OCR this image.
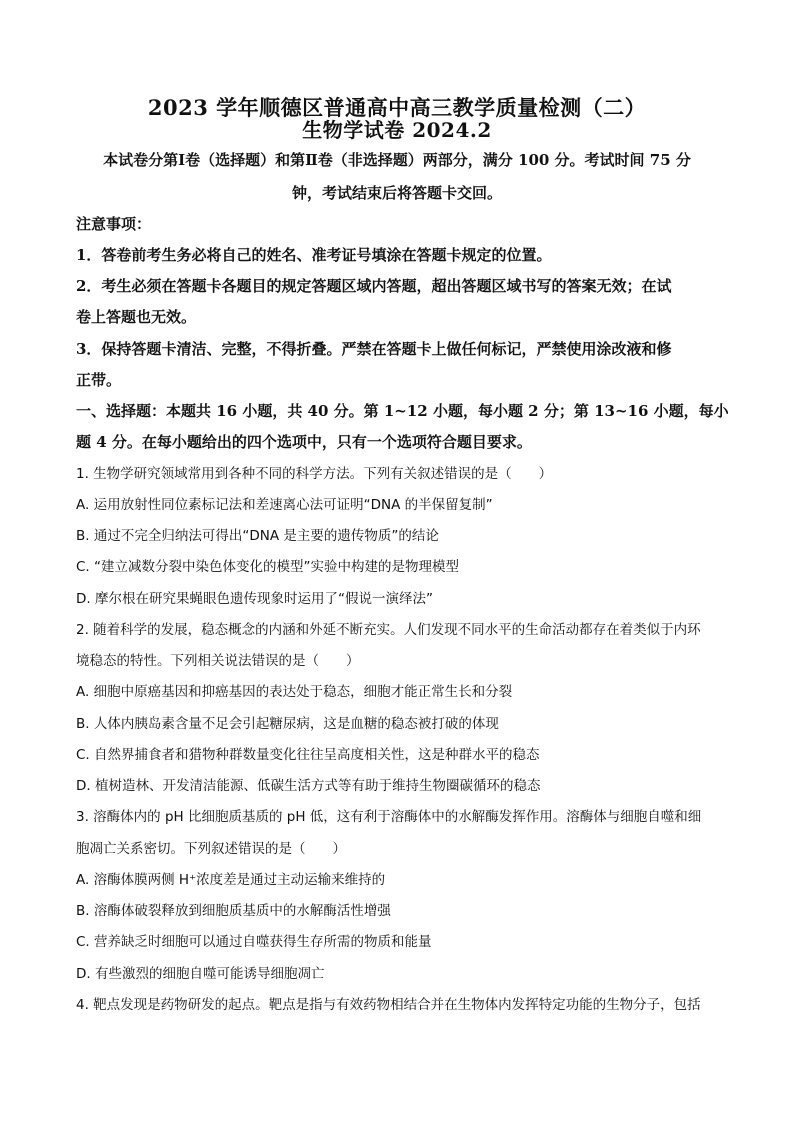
2023 学年顺德区普通高中高三教学质量检测（二）
生物学试卷 2024.2
本试卷分第Ⅰ卷（选择题）和第Ⅱ卷（非选择题）两部分，满分 100 分。考试时间 75 分
钟，考试结束后将答题卡交回。
注意事项：
1．答卷前考生务必将自己的姓名、准考证号填涂在答题卡规定的位置。
2．考生必须在答题卡各题目的规定答题区域内答题，超出答题区域书写的答案无效；在试
卷上答题也无效。
3．保持答题卡清洁、完整，不得折叠。严禁在答题卡上做任何标记，严禁使用涂改液和修
正带。
一、选择题：本题共 16 小题，共 40 分。第 1~12 小题，每小题 2 分；第 13~16 小题，每小
题 4 分。在每小题给出的四个选项中，只有一个选项符合题目要求。
1. 生物学研究领域常用到各种不同的科学方法。下列有关叙述错误的是（　　）
A. 运用放射性同位素标记法和差速离心法可证明“DNA 的半保留复制”
B. 通过不完全归纳法可得出“DNA 是主要的遗传物质”的结论
C. “建立减数分裂中染色体变化的模型”实验中构建的是物理模型
D. 摩尔根在研究果蝇眼色遗传现象时运用了“假说一演绎法”
2. 随着科学的发展，稳态概念的内涵和外延不断充实。人们发现不同水平的生命活动都存在着类似于内环
境稳态的特性。下列相关说法错误的是（　　）
A. 细胞中原癌基因和抑癌基因的表达处于稳态，细胞才能正常生长和分裂
B. 人体内胰岛素含量不足会引起糖尿病，这是血糖的稳态被打破的体现
C. 自然界捕食者和猎物种群数量变化往往呈高度相关性，这是种群水平的稳态
D. 植树造林、开发清洁能源、低碳生活方式等有助于维持生物圈碳循环的稳态
3. 溶酶体内的 pH 比细胞质基质的 pH 低，这有利于溶酶体中的水解酶发挥作用。溶酶体与细胞自噬和细
胞凋亡关系密切。下列叙述错误的是（　　）
A. 溶酶体膜两侧 H⁺浓度差是通过主动运输来维持的
B. 溶酶体破裂释放到细胞质基质中的水解酶活性增强
C. 营养缺乏时细胞可以通过自噬获得生存所需的物质和能量
D. 有些激烈的细胞自噬可能诱导细胞凋亡
4. 靶点发现是药物研发的起点。靶点是指与有效药物相结合并在生物体内发挥特定功能的生物分子，包括
